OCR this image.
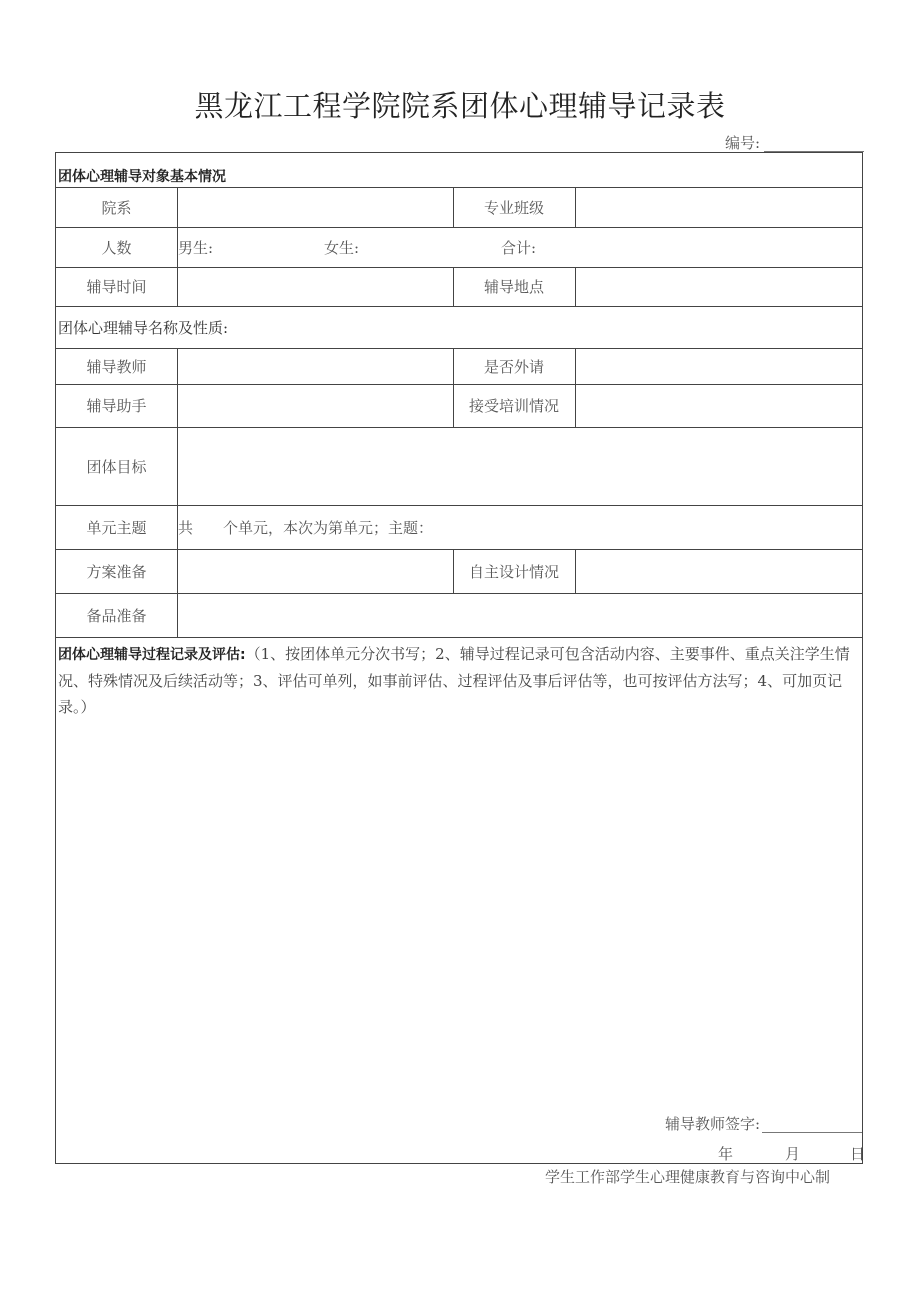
黑龙江工程学院院系团体心理辅导记录表
编号:
团体心理辅导对象基本情况
院系	专业班级
人数	男生:	女生:	合计:
辅导时间	辅导地点
团体心理辅导名称及性质:
辅导教师	是否外请
辅导助手	接受培训情况
团体目标
单元主题	共　　个单元，本次为第单元；主题：
方案准备	自主设计情况
备品准备
团体心理辅导过程记录及评估:（1、按团体单元分次书写；2、辅导过程记录可包含活动内容、主要事件、重点关注学生情况、特殊情况及后续活动等；3、评估可单列，如事前评估、过程评估及事后评估等，也可按评估方法写；4、可加页记录。）
辅导教师签字:
年	月	日
学生工作部学生心理健康教育与咨询中心制
